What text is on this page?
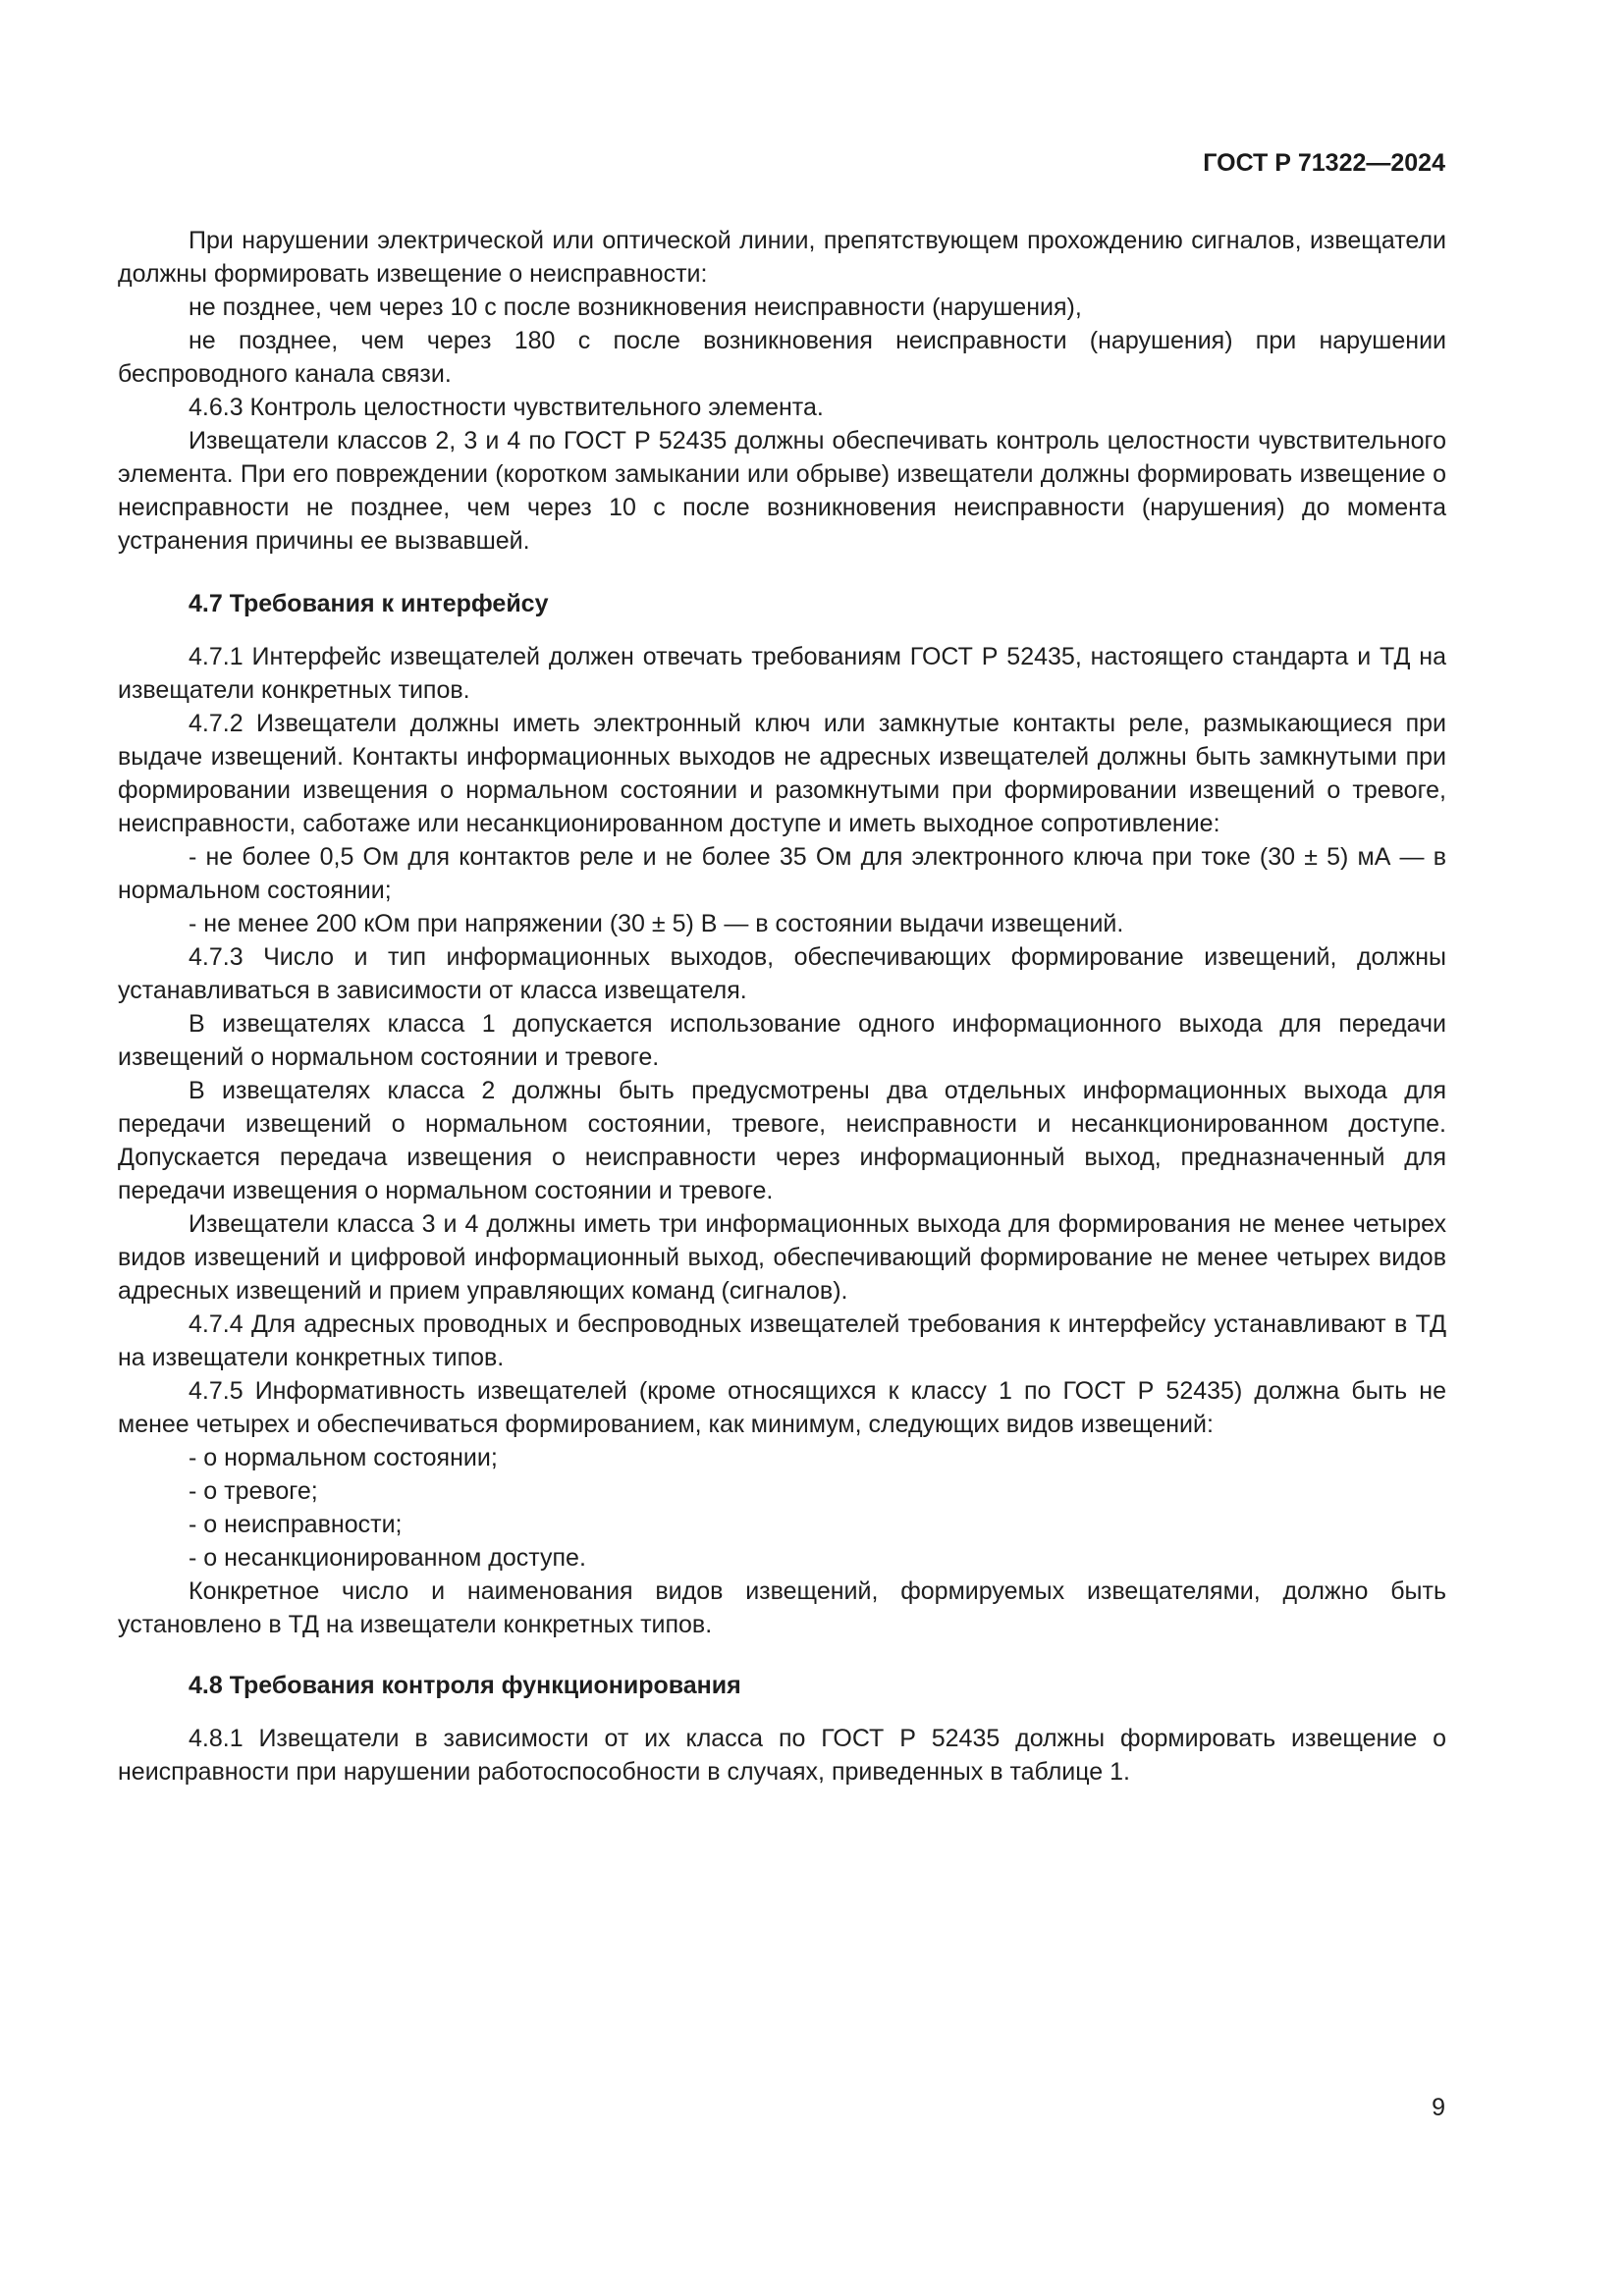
ГОСТ Р 71322—2024

При нарушении электрической или оптической линии, препятствующем прохождению сигналов, извещатели должны формировать извещение о неисправности:

не позднее, чем через 10 с после возникновения неисправности (нарушения),

не позднее, чем через 180 с после возникновения неисправности (нарушения) при нарушении беспроводного канала связи.

4.6.3 Контроль целостности чувствительного элемента.

Извещатели классов 2, 3 и 4 по ГОСТ Р 52435 должны обеспечивать контроль целостности чувствительного элемента. При его повреждении (коротком замыкании или обрыве) извещатели должны формировать извещение о неисправности не позднее, чем через 10 с после возникновения неисправности (нарушения) до момента устранения причины ее вызвавшей.

4.7 Требования к интерфейсу

4.7.1 Интерфейс извещателей должен отвечать требованиям ГОСТ Р 52435, настоящего стандарта и ТД на извещатели конкретных типов.

4.7.2 Извещатели должны иметь электронный ключ или замкнутые контакты реле, размыкающиеся при выдаче извещений. Контакты информационных выходов не адресных извещателей должны быть замкнутыми при формировании извещения о нормальном состоянии и разомкнутыми при формировании извещений о тревоге, неисправности, саботаже или несанкционированном доступе и иметь выходное сопротивление:

- не более 0,5 Ом для контактов реле и не более 35 Ом для электронного ключа при токе (30 ± 5) мА — в нормальном состоянии;

- не менее 200 кОм при напряжении (30 ± 5) В — в состоянии выдачи извещений.

4.7.3 Число и тип информационных выходов, обеспечивающих формирование извещений, должны устанавливаться в зависимости от класса извещателя.

В извещателях класса 1 допускается использование одного информационного выхода для передачи извещений о нормальном состоянии и тревоге.

В извещателях класса 2 должны быть предусмотрены два отдельных информационных выхода для передачи извещений о нормальном состоянии, тревоге, неисправности и несанкционированном доступе. Допускается передача извещения о неисправности через информационный выход, предназначенный для передачи извещения о нормальном состоянии и тревоге.

Извещатели класса 3 и 4 должны иметь три информационных выхода для формирования не менее четырех видов извещений и цифровой информационный выход, обеспечивающий формирование не менее четырех видов адресных извещений и прием управляющих команд (сигналов).

4.7.4 Для адресных проводных и беспроводных извещателей требования к интерфейсу устанавливают в ТД на извещатели конкретных типов.

4.7.5 Информативность извещателей (кроме относящихся к классу 1 по ГОСТ Р 52435) должна быть не менее четырех и обеспечиваться формированием, как минимум, следующих видов извещений:

- о нормальном состоянии;

- о тревоге;

- о неисправности;

- о несанкционированном доступе.

Конкретное число и наименования видов извещений, формируемых извещателями, должно быть установлено в ТД на извещатели конкретных типов.

4.8 Требования контроля функционирования

4.8.1 Извещатели в зависимости от их класса по ГОСТ Р 52435 должны формировать извещение о неисправности при нарушении работоспособности в случаях, приведенных в таблице 1.

9
